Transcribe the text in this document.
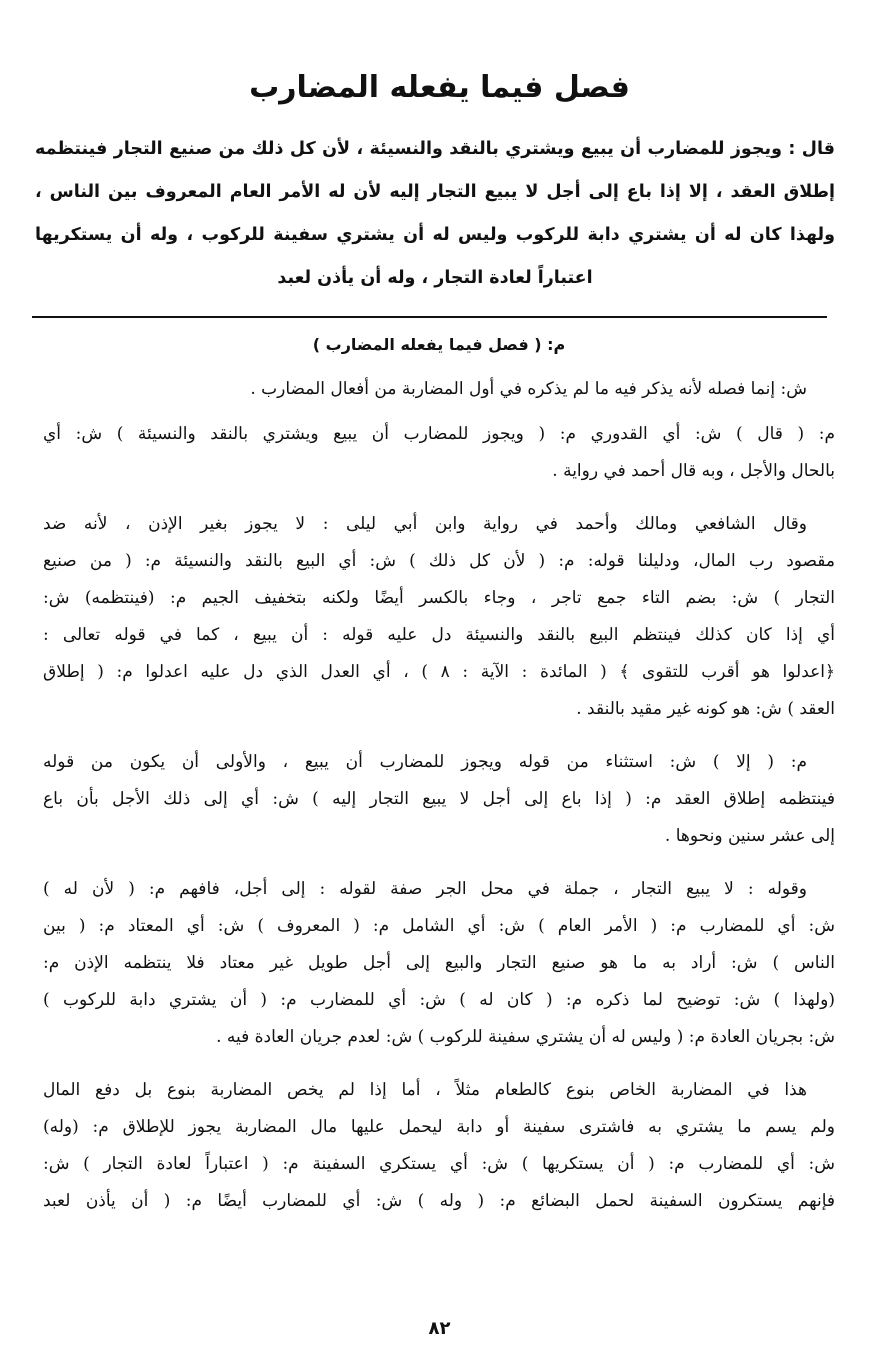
فصل فيما يفعله المضارب
قال : ويجوز للمضارب أن يبيع ويشتري بالنقد والنسيئة ، لأن كل ذلك من صنيع التجار فينتظمه
إطلاق العقد ، إلا إذا باع إلى أجل لا يبيع التجار إليه لأن له الأمر العام المعروف بين الناس ،
ولهذا كان له أن يشتري دابة للركوب وليس له أن يشتري سفينة للركوب ، وله أن يستكريها
اعتباراً لعادة التجار ، وله أن يأذن لعبد
م: ( فصل فيما يفعله المضارب )
ش: إنما فصله لأنه يذكر فيه ما لم يذكره في أول المضاربة من أفعال المضارب .
م: ( قال ) ش: أي القدوري م: ( ويجوز للمضارب أن يبيع ويشتري بالنقد والنسيئة ) ش: أي
بالحال والأجل ، وبه قال أحمد في رواية .
وقال الشافعي ومالك وأحمد في رواية وابن أبي ليلى : لا يجوز بغير الإذن ، لأنه ضد
مقصود رب المال، ودليلنا قوله: م: ( لأن كل ذلك ) ش: أي البيع بالنقد والنسيئة م: ( من صنيع
التجار ) ش: بضم التاء جمع تاجر ، وجاء بالكسر أيضًا ولكنه بتخفيف الجيم م: (فينتظمه) ش:
أي إذا كان كذلك فينتظم البيع بالنقد والنسيئة دل عليه قوله : أن يبيع ، كما في قوله تعالى :
﴿اعدلوا هو أقرب للتقوى ﴾ ( المائدة : الآية : ٨ ) ، أي العدل الذي دل عليه اعدلوا م: ( إطلاق
العقد ) ش: هو كونه غير مقيد بالنقد .
م: ( إلا ) ش: استثناء من قوله ويجوز للمضارب أن يبيع ، والأولى أن يكون من قوله
فينتظمه إطلاق العقد م: ( إذا باع إلى أجل لا يبيع التجار إليه ) ش: أي إلى ذلك الأجل بأن باع
إلى عشر سنين ونحوها .
وقوله : لا يبيع التجار ، جملة في محل الجر صفة لقوله : إلى أجل، فافهم م: ( لأن له )
ش: أي للمضارب م: ( الأمر العام ) ش: أي الشامل م: ( المعروف ) ش: أي المعتاد م: ( بين
الناس ) ش: أراد به ما هو صنيع التجار والبيع إلى أجل طويل غير معتاد فلا ينتظمه الإذن م:
(ولهذا ) ش: توضيح لما ذكره م: ( كان له ) ش: أي للمضارب م: ( أن يشتري دابة للركوب )
ش: بجريان العادة م: ( وليس له أن يشتري سفينة للركوب ) ش: لعدم جريان العادة فيه .
هذا في المضاربة الخاص بنوع كالطعام مثلاً ، أما إذا لم يخص المضاربة بنوع بل دفع المال
ولم يسم ما يشتري به فاشترى سفينة أو دابة ليحمل عليها مال المضاربة يجوز للإطلاق م: (وله)
ش: أي للمضارب م: ( أن يستكريها ) ش: أي يستكري السفينة م: ( اعتباراً لعادة التجار ) ش:
فإنهم يستكرون السفينة لحمل البضائع م: ( وله ) ش: أي للمضارب أيضًا م: ( أن يأذن لعبد
٨٢
